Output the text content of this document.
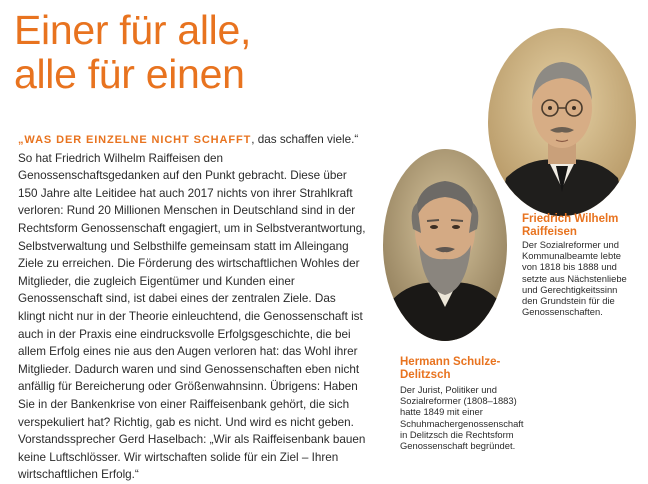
Einer für alle,
alle für einen

„WAS DER EINZELNE NICHT SCHAFFT, das schaffen viele.“ So hat Friedrich Wilhelm Raiffeisen den Genossenschaftsgedanken auf den Punkt gebracht. Diese über 150 Jahre alte Leitidee hat auch 2017 nichts von ihrer Strahlkraft verloren: Rund 20 Millionen Menschen in Deutschland sind in der Rechtsform Genossenschaft engagiert, um in Selbstverantwortung, Selbstverwaltung und Selbsthilfe gemeinsam statt im Alleingang Ziele zu erreichen. Die Förderung des wirtschaftlichen Wohles der Mitglieder, die zugleich Eigentümer und Kunden einer Genossenschaft sind, ist dabei eines der zentralen Ziele. Das klingt nicht nur in der Theorie einleuchtend, die Genossenschaft ist auch in der Praxis eine eindrucksvolle Erfolgsgeschichte, die bei allem Erfolg eines nie aus den Augen verloren hat: das Wohl ihrer Mitglieder. Dadurch waren und sind Genossenschaften eben nicht anfällig für Bereicherung oder Größenwahnsinn. Übrigens: Haben Sie in der Bankenkrise von einer Raiffeisenbank gehört, die sich verspekuliert hat? Richtig, gab es nicht. Und wird es nicht geben. Vorstandssprecher Gerd Haselbach: „Wir als Raiffeisenbank bauen keine Luftschlösser. Wir wirtschaften solide für ein Ziel – Ihren wirtschaftlichen Erfolg.“

Friedrich Wilhelm Raiffeisen

Der Sozialreformer und Kommunalbeamte lebte von 1818 bis 1888 und setzte aus Nächstenliebe und Gerechtigkeitssinn den Grundstein für die Genossenschaften.

Hermann Schulze-Delitzsch

Der Jurist, Politiker und Sozialreformer (1808–1883) hatte 1849 mit einer Schuhmachergenossenschaft in Delitzsch die Rechtsform Genossenschaft begründet.
